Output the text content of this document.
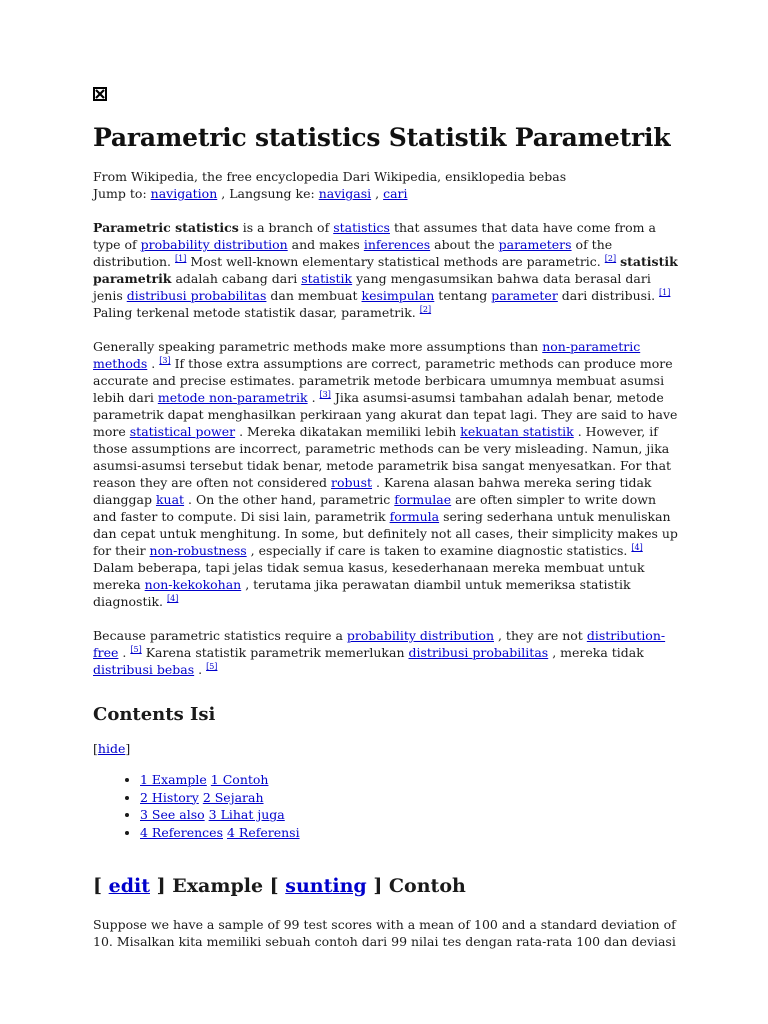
Parametric statistics Statistik Parametrik
From Wikipedia, the free encyclopedia Dari Wikipedia, ensiklopedia bebas
Jump to: navigation , Langsung ke: navigasi , cari

Parametric statistics is a branch of statistics that assumes that data have come from a type of probability distribution and makes inferences about the parameters of the distribution. [1] Most well-known elementary statistical methods are parametric. [2] statistik parametrik adalah cabang dari statistik yang mengasumsikan bahwa data berasal dari jenis distribusi probabilitas dan membuat kesimpulan tentang parameter dari distribusi. [1] Paling terkenal metode statistik dasar, parametrik. [2]

Generally speaking parametric methods make more assumptions than non-parametric methods . [3] If those extra assumptions are correct, parametric methods can produce more accurate and precise estimates. parametrik metode berbicara umumnya membuat asumsi lebih dari metode non-parametrik . [3] Jika asumsi-asumsi tambahan adalah benar, metode parametrik dapat menghasilkan perkiraan yang akurat dan tepat lagi. They are said to have more statistical power . Mereka dikatakan memiliki lebih kekuatan statistik . However, if those assumptions are incorrect, parametric methods can be very misleading. Namun, jika asumsi-asumsi tersebut tidak benar, metode parametrik bisa sangat menyesatkan. For that reason they are often not considered robust . Karena alasan bahwa mereka sering tidak dianggap kuat . On the other hand, parametric formulae are often simpler to write down and faster to compute. Di sisi lain, parametrik formula sering sederhana untuk menuliskan dan cepat untuk menghitung. In some, but definitely not all cases, their simplicity makes up for their non-robustness , especially if care is taken to examine diagnostic statistics. [4] Dalam beberapa, tapi jelas tidak semua kasus, kesederhanaan mereka membuat untuk mereka non-kekokohan , terutama jika perawatan diambil untuk memeriksa statistik diagnostik. [4]

Because parametric statistics require a probability distribution , they are not distribution-free . [5] Karena statistik parametrik memerlukan distribusi probabilitas , mereka tidak distribusi bebas . [5]

Contents Isi
[hide]
• 1 Example 1 Contoh
• 2 History 2 Sejarah
• 3 See also 3 Lihat juga
• 4 References 4 Referensi
[ edit ] Example [ sunting ] Contoh

Suppose we have a sample of 99 test scores with a mean of 100 and a standard deviation of 10. Misalkan kita memiliki sebuah contoh dari 99 nilai tes dengan rata-rata 100 dan deviasi
